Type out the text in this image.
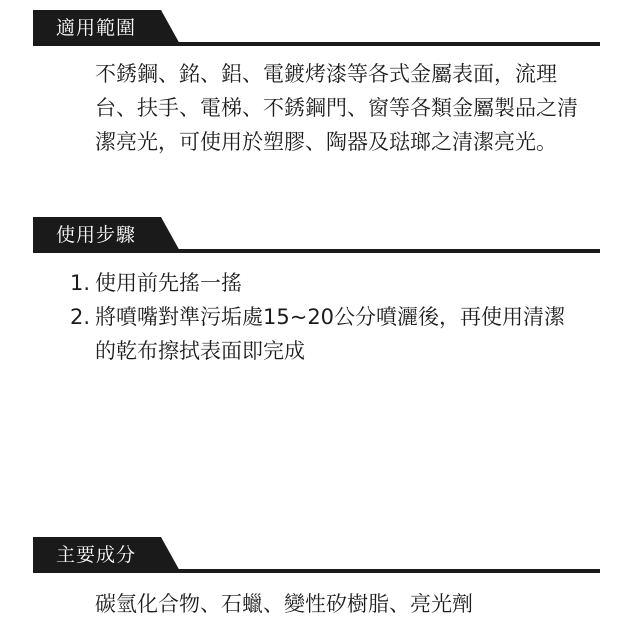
適用範圍

不銹鋼、銘、鋁、電鍍烤漆等各式金屬表面，流理
台、扶手、電梯、不銹鋼門、窗等各類金屬製品之清
潔亮光，可使用於塑膠、陶器及琺瑯之清潔亮光。

使用步驟
1. 使用前先搖一搖
2. 將噴嘴對準污垢處15~20公分噴灑後，再使用清潔
的乾布擦拭表面即完成
主要成分

碳氫化合物、石蠟、變性矽樹脂、亮光劑
